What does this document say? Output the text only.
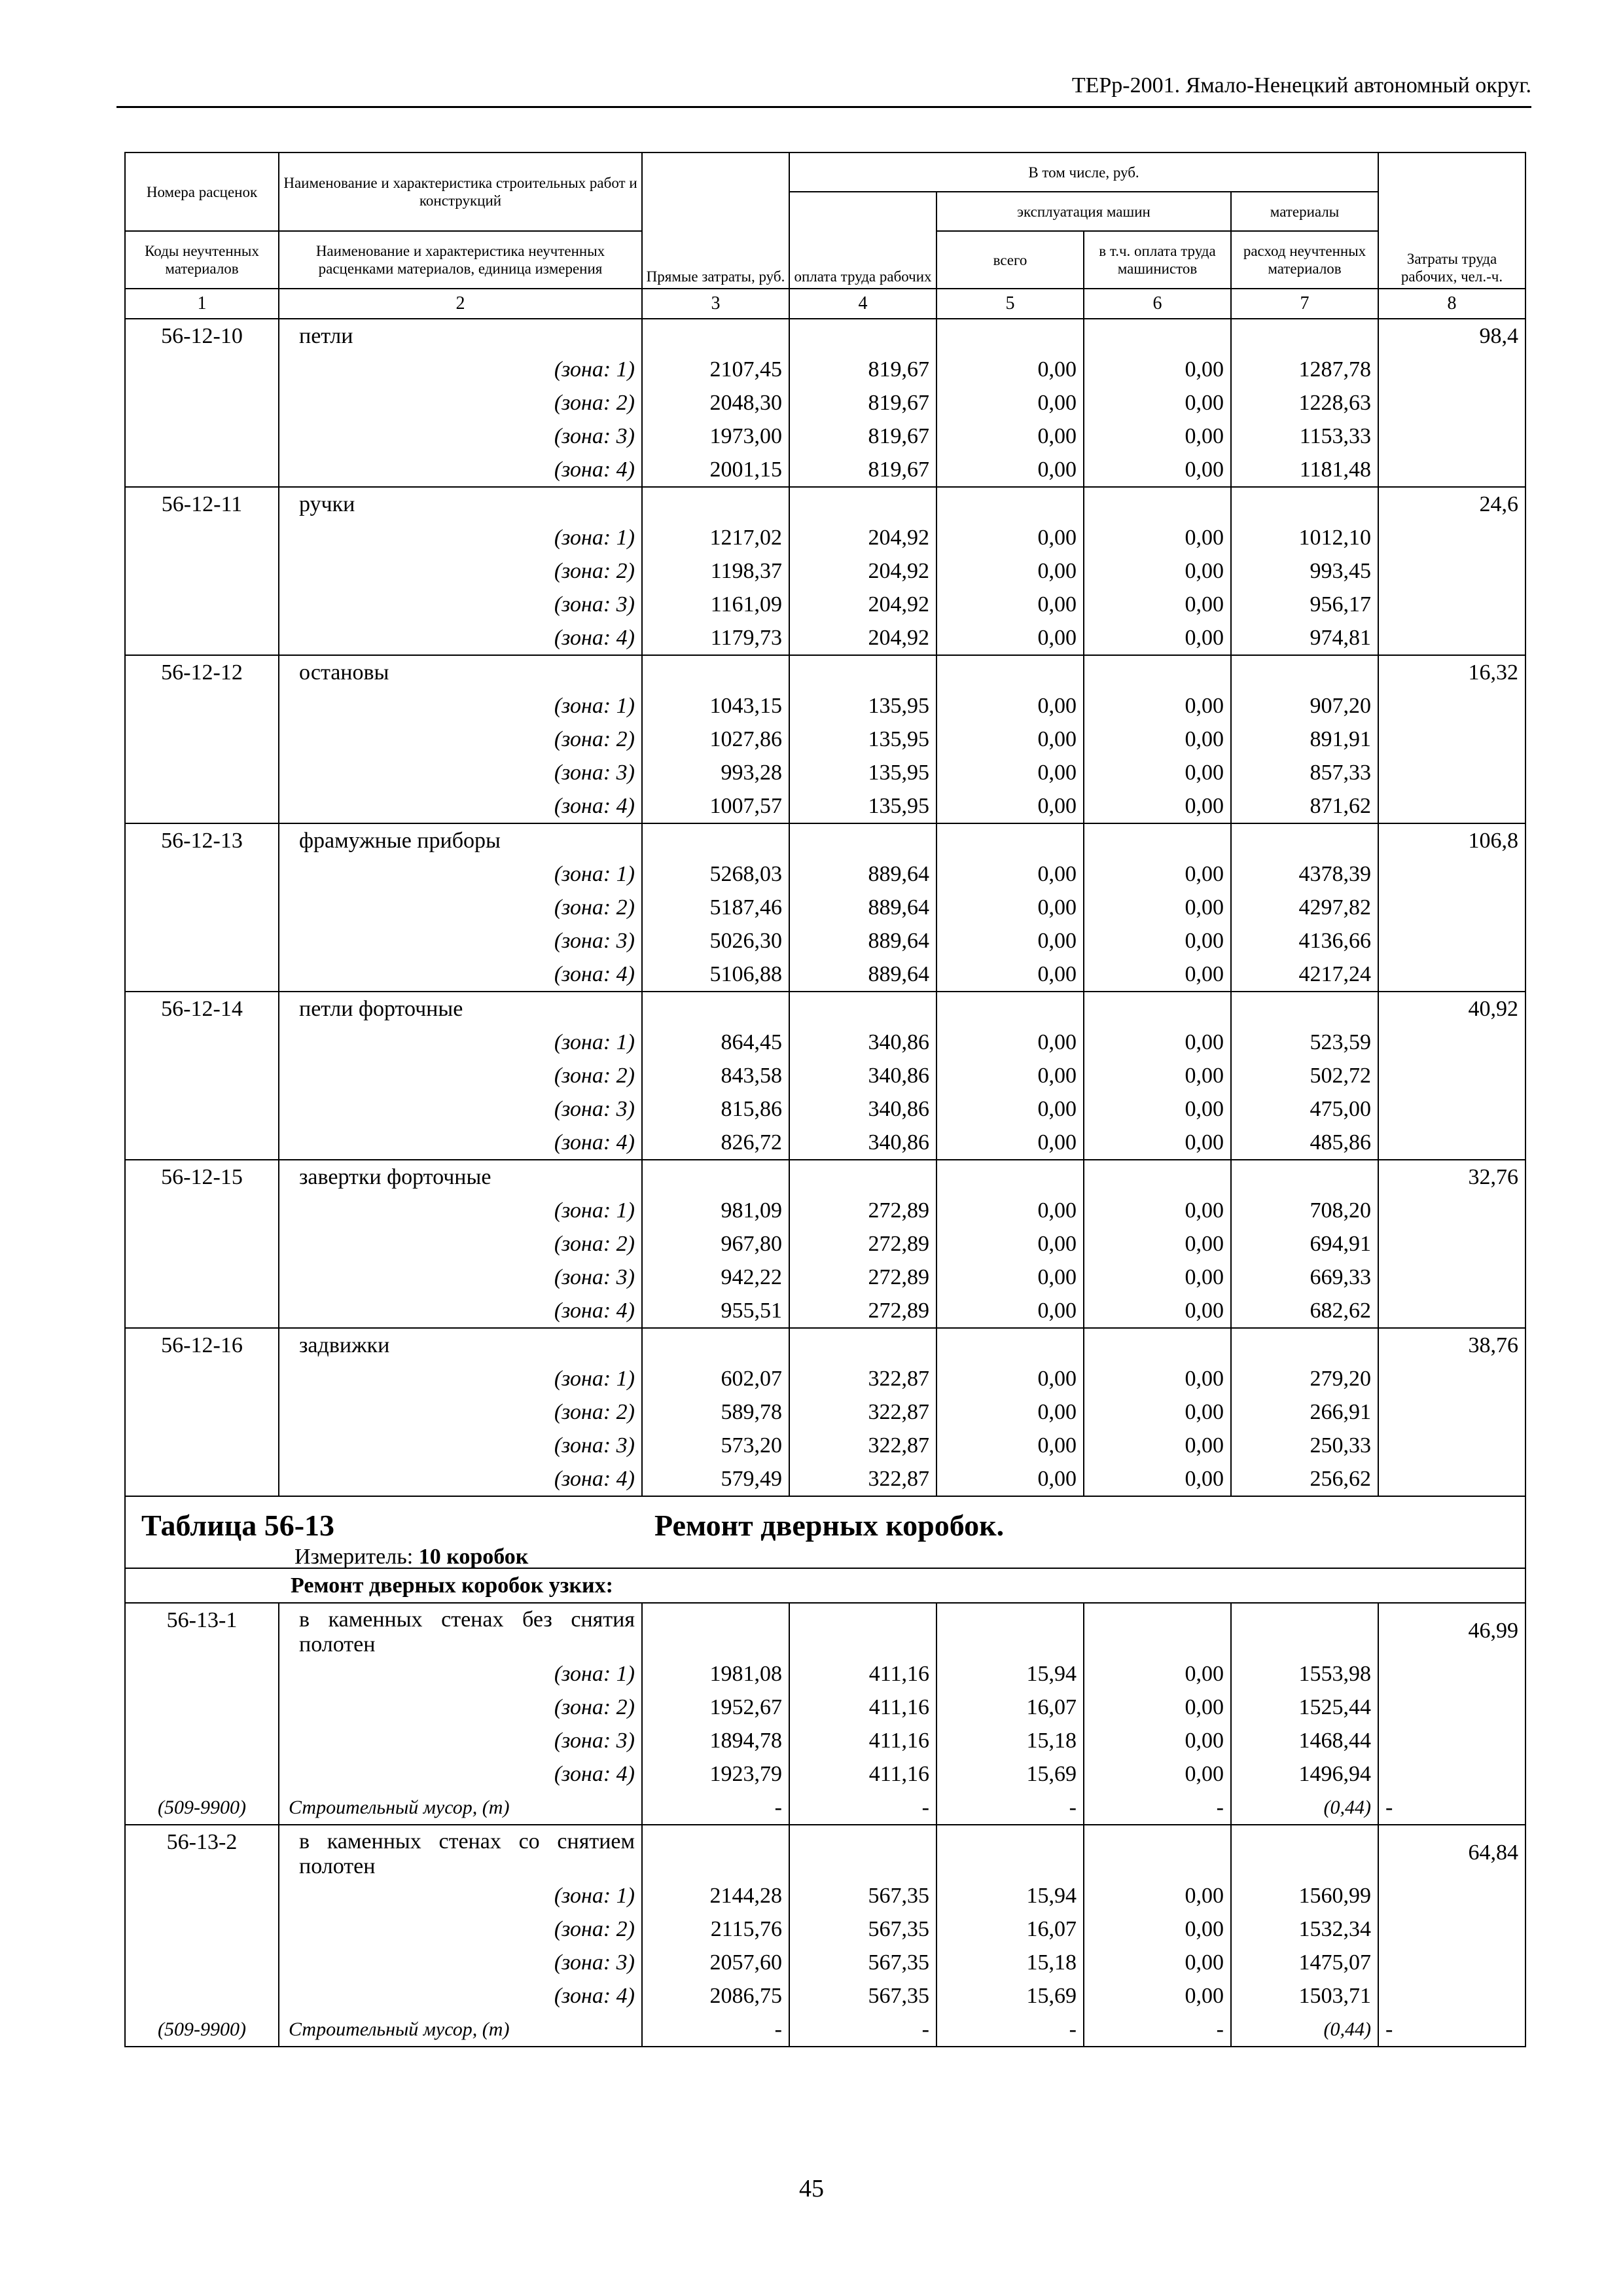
ТЕРр-2001. Ямало-Ненецкий автономный округ.
Номера расценок	Наименование и характеристика строительных работ и конструкций	Прямые затраты, руб.	В том числе, руб.				Затраты труда рабочих, чел.-ч.
			оплата труда рабочих	эксплуатация машин		материалы	
Коды неучтенных материалов	Наименование и характеристика неучтенных расценками материалов, единица измерения			всего	в т.ч. оплата труда машинистов	расход неучтенных материалов	
1	2	3	4	5	6	7	8
56-12-10	петли						98,4
	(зона: 1)	2107,45	819,67	0,00	0,00	1287,78	
	(зона: 2)	2048,30	819,67	0,00	0,00	1228,63	
	(зона: 3)	1973,00	819,67	0,00	0,00	1153,33	
	(зона: 4)	2001,15	819,67	0,00	0,00	1181,48	
56-12-11	ручки						24,6
	(зона: 1)	1217,02	204,92	0,00	0,00	1012,10	
	(зона: 2)	1198,37	204,92	0,00	0,00	993,45	
	(зона: 3)	1161,09	204,92	0,00	0,00	956,17	
	(зона: 4)	1179,73	204,92	0,00	0,00	974,81	
56-12-12	остановы						16,32
	(зона: 1)	1043,15	135,95	0,00	0,00	907,20	
	(зона: 2)	1027,86	135,95	0,00	0,00	891,91	
	(зона: 3)	993,28	135,95	0,00	0,00	857,33	
	(зона: 4)	1007,57	135,95	0,00	0,00	871,62	
56-12-13	фрамужные приборы						106,8
	(зона: 1)	5268,03	889,64	0,00	0,00	4378,39	
	(зона: 2)	5187,46	889,64	0,00	0,00	4297,82	
	(зона: 3)	5026,30	889,64	0,00	0,00	4136,66	
	(зона: 4)	5106,88	889,64	0,00	0,00	4217,24	
56-12-14	петли форточные						40,92
	(зона: 1)	864,45	340,86	0,00	0,00	523,59	
	(зона: 2)	843,58	340,86	0,00	0,00	502,72	
	(зона: 3)	815,86	340,86	0,00	0,00	475,00	
	(зона: 4)	826,72	340,86	0,00	0,00	485,86	
56-12-15	завертки форточные						32,76
	(зона: 1)	981,09	272,89	0,00	0,00	708,20	
	(зона: 2)	967,80	272,89	0,00	0,00	694,91	
	(зона: 3)	942,22	272,89	0,00	0,00	669,33	
	(зона: 4)	955,51	272,89	0,00	0,00	682,62	
56-12-16	задвижки						38,76
	(зона: 1)	602,07	322,87	0,00	0,00	279,20	
	(зона: 2)	589,78	322,87	0,00	0,00	266,91	
	(зона: 3)	573,20	322,87	0,00	0,00	250,33	
	(зона: 4)	579,49	322,87	0,00	0,00	256,62	

Таблица 56-13 Ремонт дверных коробок.
Измеритель: 10 коробок							

	Ремонт дверных коробок узких:						
56-13-1	в каменных стенах без снятия полотен						46,99
	(зона: 1)	1981,08	411,16	15,94	0,00	1553,98	
	(зона: 2)	1952,67	411,16	16,07	0,00	1525,44	
	(зона: 3)	1894,78	411,16	15,18	0,00	1468,44	
	(зона: 4)	1923,79	411,16	15,69	0,00	1496,94	
(509-9900)	Строительный мусор, (т)	-	-	-	-	(0,44)	-
56-13-2	в каменных стенах со снятием полотен						64,84
	(зона: 1)	2144,28	567,35	15,94	0,00	1560,99	
	(зона: 2)	2115,76	567,35	16,07	0,00	1532,34	
	(зона: 3)	2057,60	567,35	15,18	0,00	1475,07	
	(зона: 4)	2086,75	567,35	15,69	0,00	1503,71	
(509-9900)	Строительный мусор, (т)	-	-	-	-	(0,44)	-
45
